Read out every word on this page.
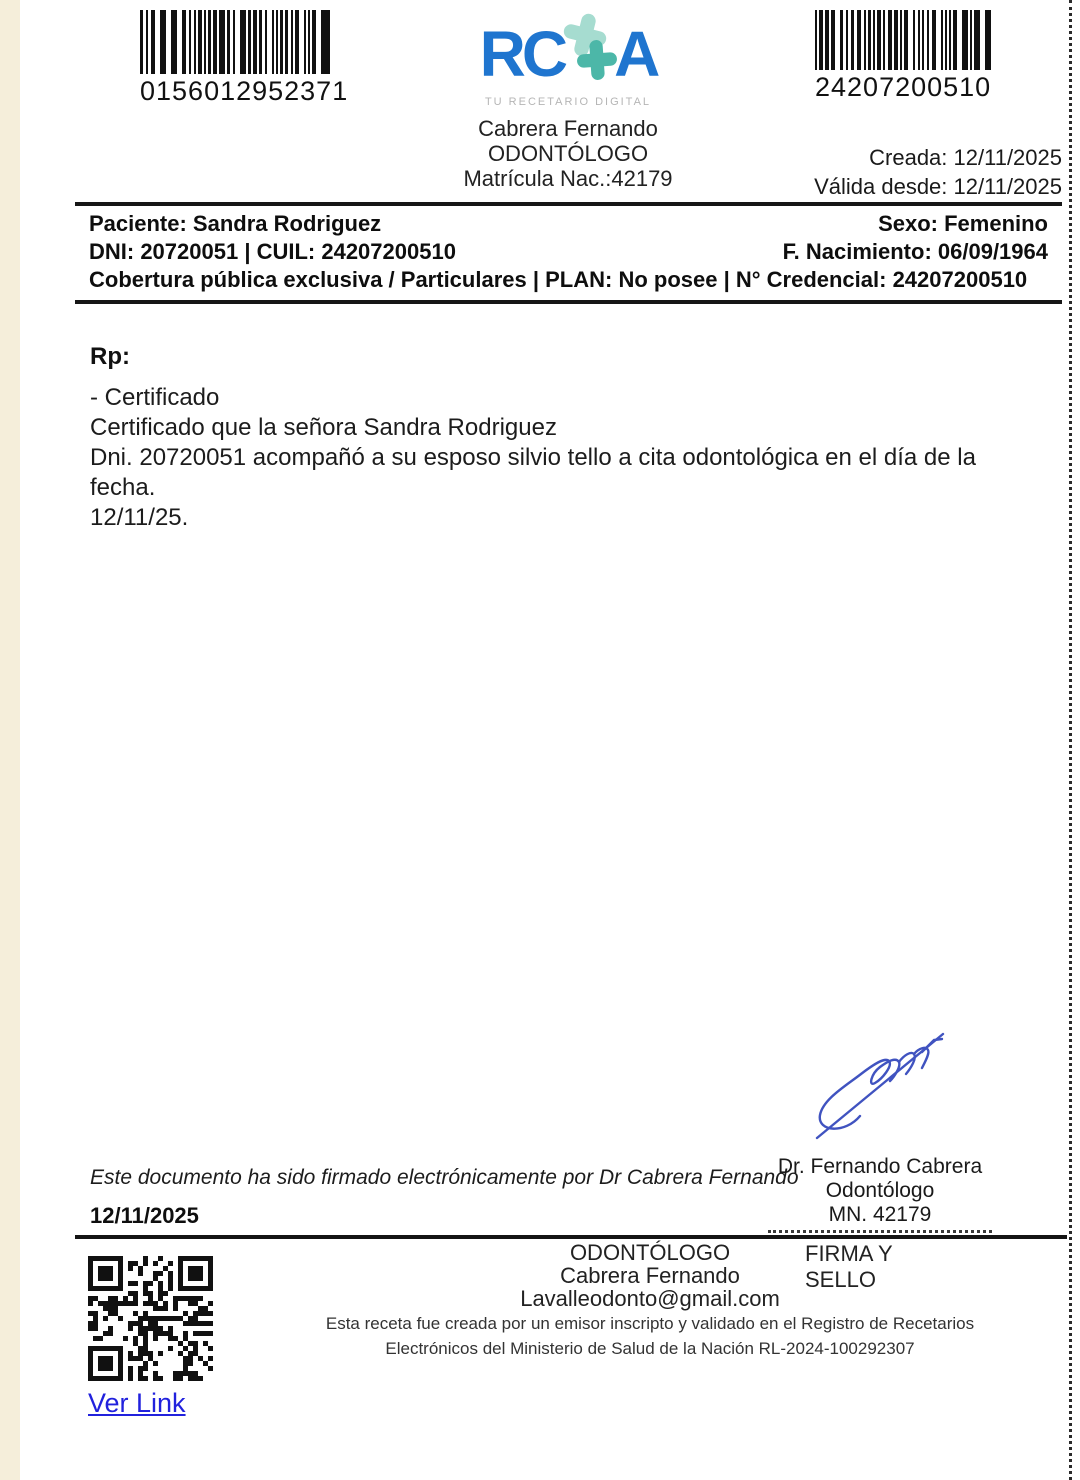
0156012952371	24207200510
Creada: 12/11/2025
Válida desde: 12/11/2025
RC A
TU RECETARIO DIGITAL
Cabrera Fernando
ODONTÓLOGO
Matrícula Nac.:42179
Paciente: Sandra Rodriguez	Sexo: Femenino
DNI: 20720051 | CUIL: 24207200510	F. Nacimiento: 06/09/1964
Cobertura pública exclusiva / Particulares | PLAN: No posee | N° Credencial: 24207200510
Rp:
- Certificado
Certificado que la señora Sandra Rodriguez
Dni. 20720051 acompañó a su esposo silvio tello a cita odontológica en el día de la fecha.
12/11/25.
Este documento ha sido firmado electrónicamente por Dr Cabrera Fernando
12/11/2025
Dr. Fernando Cabrera
Odontólogo
MN. 42179
FIRMA Y SELLO
ODONTÓLOGO
Cabrera Fernando
Lavalleodonto@gmail.com
Esta receta fue creada por un emisor inscripto y validado en el Registro de Recetarios
Electrónicos del Ministerio de Salud de la Nación RL-2024-100292307
Ver Link
